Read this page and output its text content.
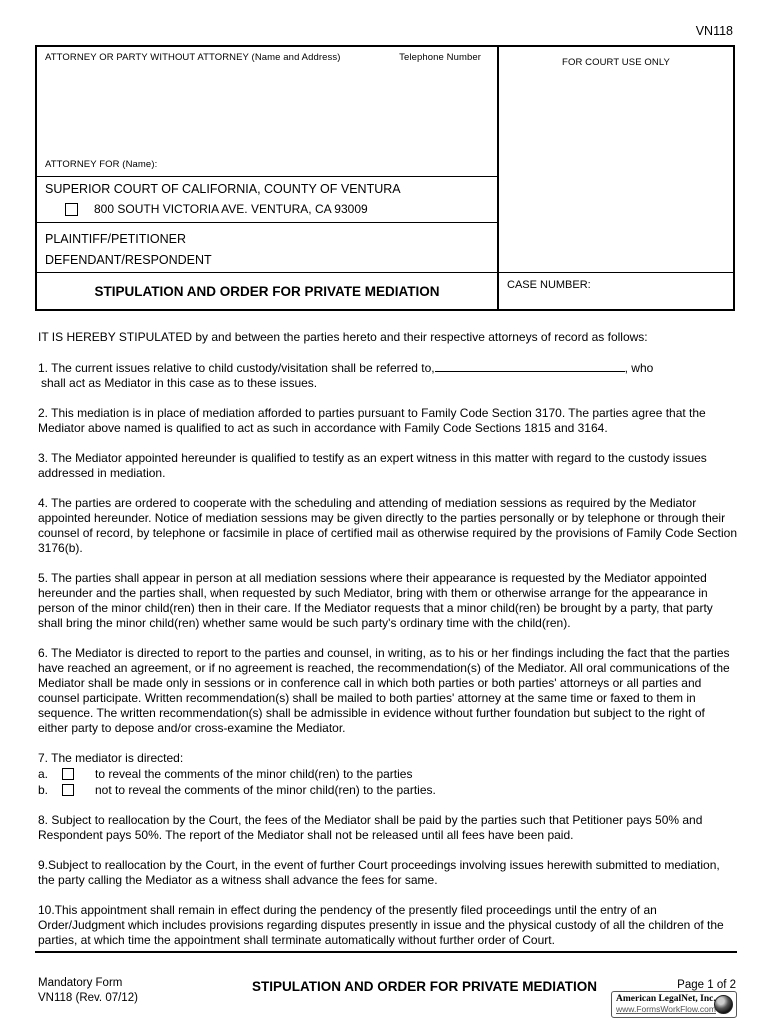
VN118
ATTORNEY OR PARTY WITHOUT ATTORNEY (Name and Address)	Telephone Number
ATTORNEY FOR (Name):
FOR COURT USE ONLY
SUPERIOR COURT OF CALIFORNIA, COUNTY OF VENTURA
800 SOUTH VICTORIA AVE. VENTURA, CA 93009
PLAINTIFF/PETITIONER
DEFENDANT/RESPONDENT
STIPULATION AND ORDER FOR PRIVATE MEDIATION	CASE NUMBER:

IT IS HEREBY STIPULATED by and between the parties hereto and their respective attorneys of record as follows:

1. The current issues relative to child custody/visitation shall be referred to,	, who
shall act as Mediator in this case as to these issues.

2. This mediation is in place of mediation afforded to parties pursuant to Family Code Section 3170. The parties agree that the Mediator above named is qualified to act as such in accordance with Family Code Sections 1815 and 3164.

3. The Mediator appointed hereunder is qualified to testify as an expert witness in this matter with regard to the custody issues addressed in mediation.

4. The parties are ordered to cooperate with the scheduling and attending of mediation sessions as required by the Mediator appointed hereunder. Notice of mediation sessions may be given directly to the parties personally or by telephone or through their counsel of record, by telephone or facsimile in place of certified mail as otherwise required by the provisions of Family Code Section 3176(b).

5. The parties shall appear in person at all mediation sessions where their appearance is requested by the Mediator appointed hereunder and the parties shall, when requested by such Mediator, bring with them or otherwise arrange for the appearance in person of the minor child(ren) then in their care. If the Mediator requests that a minor child(ren) be brought by a party, that party shall bring the minor child(ren) whether same would be such party's ordinary time with the child(ren).

6. The Mediator is directed to report to the parties and counsel, in writing, as to his or her findings including the fact that the parties have reached an agreement, or if no agreement is reached, the recommendation(s) of the Mediator. All oral communications of the Mediator shall be made only in sessions or in conference call in which both parties or both parties' attorneys or all parties and counsel participate. Written recommendation(s) shall be mailed to both parties' attorney at the same time or faxed to them in sequence. The written recommendation(s) shall be admissible in evidence without further foundation but subject to the right of either party to depose and/or cross-examine the Mediator.

7. The mediator is directed:
a.	to reveal the comments of the minor child(ren) to the parties
b.	not to reveal the comments of the minor child(ren) to the parties.

8. Subject to reallocation by the Court, the fees of the Mediator shall be paid by the parties such that Petitioner pays 50% and Respondent pays 50%. The report of the Mediator shall not be released until all fees have been paid.

9.Subject to reallocation by the Court, in the event of further Court proceedings involving issues herewith submitted to mediation, the party calling the Mediator as a witness shall advance the fees for same.

10.This appointment shall remain in effect during the pendency of the presently filed proceedings until the entry of an Order/Judgment which includes provisions regarding disputes presently in issue and the physical custody of all the children of the parties, at which time the appointment shall terminate automatically without further order of Court.

Mandatory Form
VN118 (Rev. 07/12)
STIPULATION AND ORDER FOR PRIVATE MEDIATION	Page 1 of 2
American LegalNet, Inc.
www.FormsWorkFlow.com
